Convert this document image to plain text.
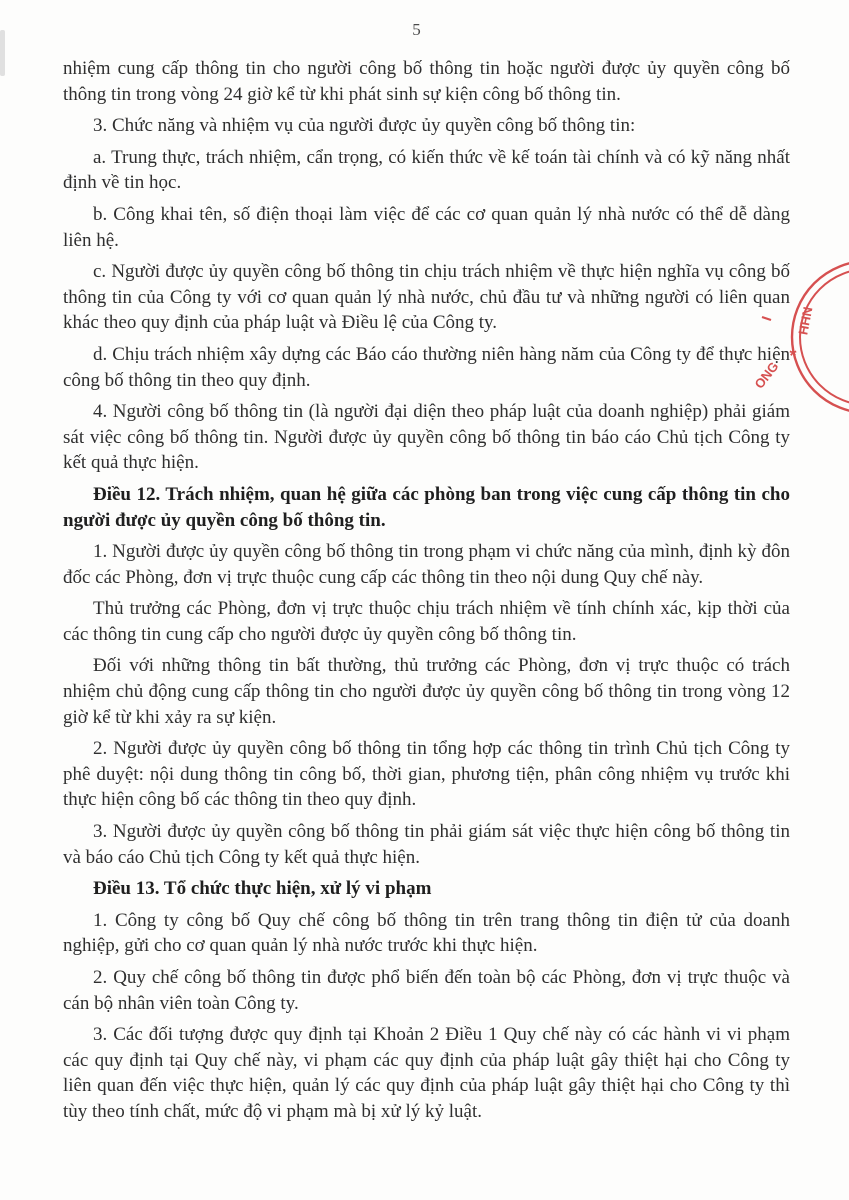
5

nhiệm cung cấp thông tin cho người công bố thông tin hoặc người được ủy quyền công bố thông tin trong vòng 24 giờ kể từ khi phát sinh sự kiện công bố thông tin.

3. Chức năng và nhiệm vụ của người được ủy quyền công bố thông tin:

a. Trung thực, trách nhiệm, cẩn trọng, có kiến thức về kế toán tài chính và có kỹ năng nhất định về tin học.

b. Công khai tên, số điện thoại làm việc để các cơ quan quản lý nhà nước có thể dễ dàng liên hệ.

c. Người được ủy quyền công bố thông tin chịu trách nhiệm về thực hiện nghĩa vụ công bố thông tin của Công ty với cơ quan quản lý nhà nước, chủ đầu tư và những người có liên quan khác theo quy định của pháp luật và Điều lệ của Công ty.

d. Chịu trách nhiệm xây dựng các Báo cáo thường niên hàng năm của Công ty để thực hiện công bố thông tin theo quy định.

4. Người công bố thông tin (là người đại diện theo pháp luật của doanh nghiệp) phải giám sát việc công bố thông tin. Người được ủy quyền công bố thông tin báo cáo Chủ tịch Công ty kết quả thực hiện.

Điều 12. Trách nhiệm, quan hệ giữa các phòng ban trong việc cung cấp thông tin cho người được ủy quyền công bố thông tin.

1. Người được ủy quyền công bố thông tin trong phạm vi chức năng của mình, định kỳ đôn đốc các Phòng, đơn vị trực thuộc cung cấp các thông tin theo nội dung Quy chế này.

Thủ trưởng các Phòng, đơn vị trực thuộc chịu trách nhiệm về tính chính xác, kịp thời của các thông tin cung cấp cho người được ủy quyền công bố thông tin.

Đối với những thông tin bất thường, thủ trưởng các Phòng, đơn vị trực thuộc có trách nhiệm chủ động cung cấp thông tin cho người được ủy quyền công bố thông tin trong vòng 12 giờ kể từ khi xảy ra sự kiện.

2. Người được ủy quyền công bố thông tin tổng hợp các thông tin trình Chủ tịch Công ty phê duyệt: nội dung thông tin công bố, thời gian, phương tiện, phân công nhiệm vụ trước khi thực hiện công bố các thông tin theo quy định.

3. Người được ủy quyền công bố thông tin phải giám sát việc thực hiện công bố thông tin và báo cáo Chủ tịch Công ty kết quả thực hiện.

Điều 13. Tổ chức thực hiện, xử lý vi phạm

1. Công ty công bố Quy chế công bố thông tin trên trang thông tin điện tử của doanh nghiệp, gửi cho cơ quan quản lý nhà nước trước khi thực hiện.

2. Quy chế công bố thông tin được phổ biến đến toàn bộ các Phòng, đơn vị trực thuộc và cán bộ nhân viên toàn Công ty.

3. Các đối tượng được quy định tại Khoản 2 Điều 1 Quy chế này có các hành vi vi phạm các quy định tại Quy chế này, vi phạm các quy định của pháp luật gây thiệt hại cho Công ty liên quan đến việc thực hiện, quản lý các quy định của pháp luật gây thiệt hại cho Công ty thì tùy theo tính chất, mức độ vi phạm mà bị xử lý kỷ luật.

NHH
*
ONG
